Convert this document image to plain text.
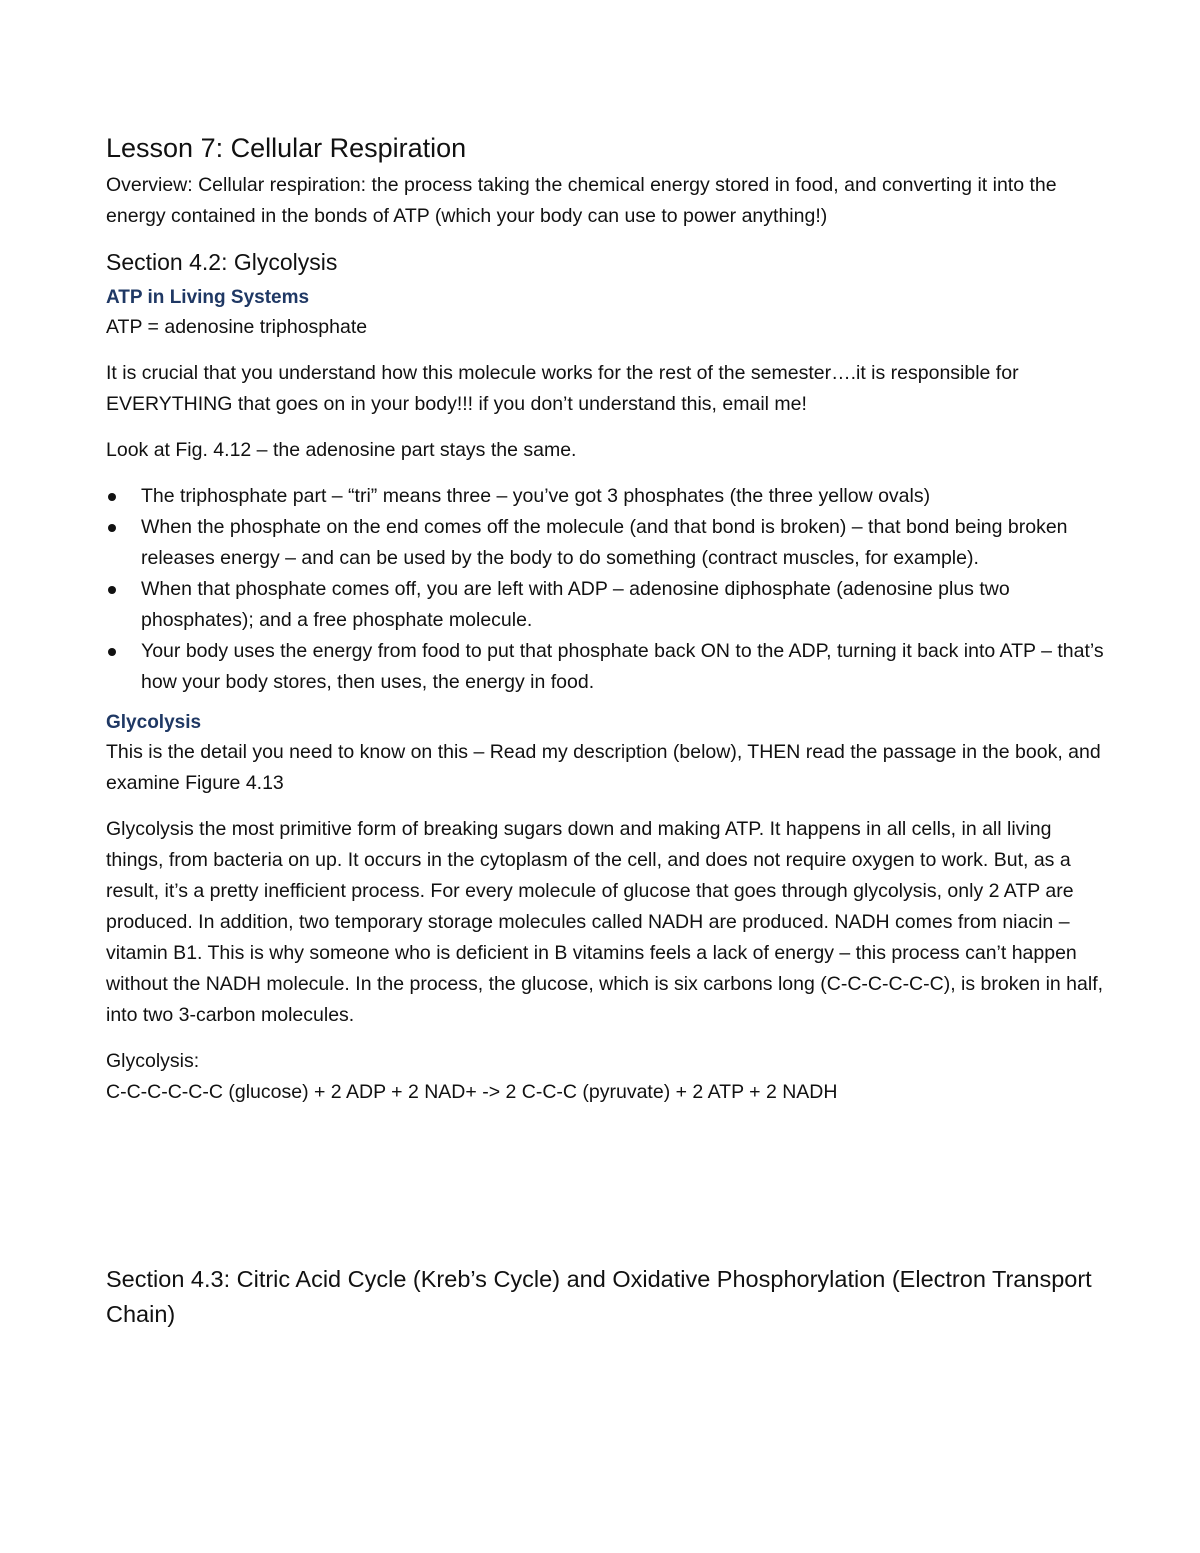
Lesson 7: Cellular Respiration

Overview: Cellular respiration: the process taking the chemical energy stored in food, and converting it into the energy contained in the bonds of ATP (which your body can use to power anything!)

Section 4.2: Glycolysis
ATP in Living Systems

ATP = adenosine triphosphate

It is crucial that you understand how this molecule works for the rest of the semester….it is responsible for EVERYTHING that goes on in your body!!! if you don’t understand this, email me!

Look at Fig. 4.12 – the adenosine part stays the same.

The triphosphate part – “tri” means three – you’ve got 3 phosphates (the three yellow ovals)
When the phosphate on the end comes off the molecule (and that bond is broken) – that bond being broken releases energy – and can be used by the body to do something (contract muscles, for example).
When that phosphate comes off, you are left with ADP – adenosine diphosphate (adenosine plus two phosphates); and a free phosphate molecule.
Your body uses the energy from food to put that phosphate back ON to the ADP, turning it back into ATP – that’s how your body stores, then uses, the energy in food.
Glycolysis

This is the detail you need to know on this – Read my description (below), THEN read the passage in the book, and examine Figure 4.13

Glycolysis the most primitive form of breaking sugars down and making ATP. It happens in all cells, in all living things, from bacteria on up. It occurs in the cytoplasm of the cell, and does not require oxygen to work. But, as a result, it’s a pretty inefficient process. For every molecule of glucose that goes through glycolysis, only 2 ATP are produced. In addition, two temporary storage molecules called NADH are produced. NADH comes from niacin – vitamin B1. This is why someone who is deficient in B vitamins feels a lack of energy – this process can’t happen without the NADH molecule. In the process, the glucose, which is six carbons long (C-C-C-C-C-C), is broken in half, into two 3-carbon molecules.

Glycolysis:

C-C-C-C-C-C (glucose) + 2 ADP + 2 NAD+ -> 2 C-C-C (pyruvate) + 2 ATP + 2 NADH

Section 4.3: Citric Acid Cycle (Kreb’s Cycle) and Oxidative Phosphorylation (Electron Transport Chain)
